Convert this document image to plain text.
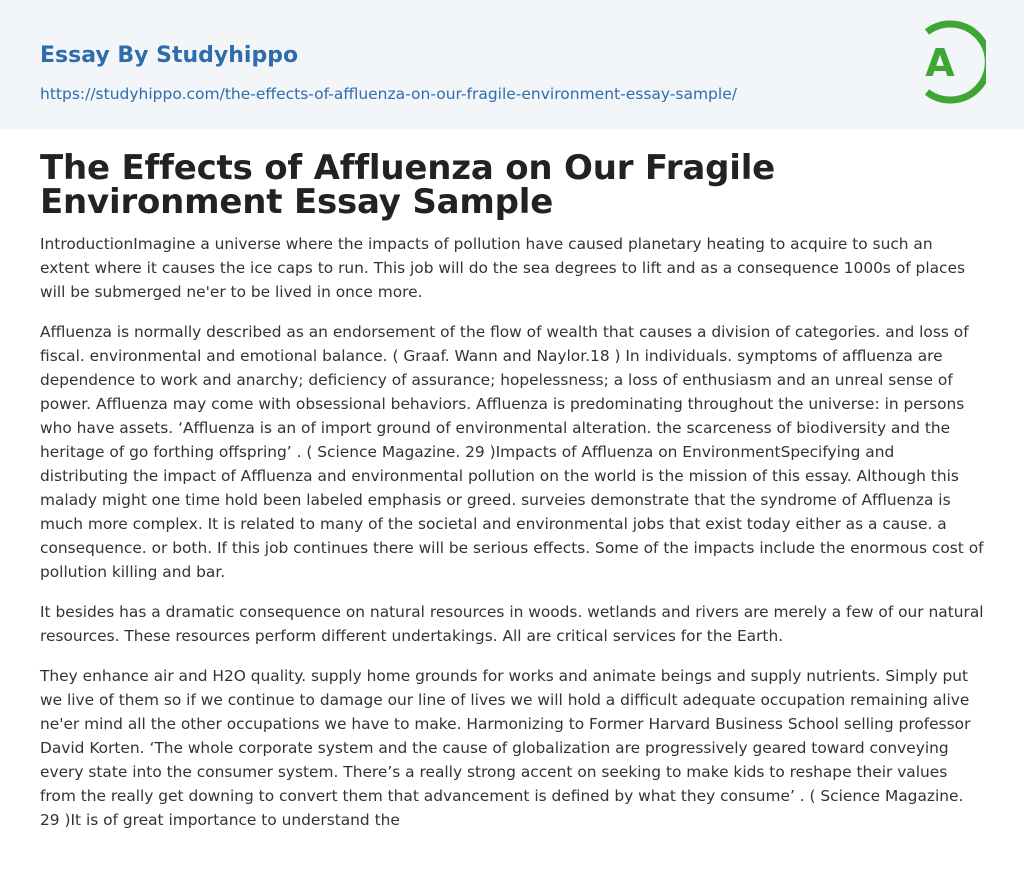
Essay By Studyhippo
https://studyhippo.com/the-effects-of-affluenza-on-our-fragile-environment-essay-sample/
A
The Effects of Affluenza on Our Fragile Environment Essay Sample

IntroductionImagine a universe where the impacts of pollution have caused planetary heating to acquire to such an extent where it causes the ice caps to run. This job will do the sea degrees to lift and as a consequence 1000s of places will be submerged ne'er to be lived in once more.

Affluenza is normally described as an endorsement of the flow of wealth that causes a division of categories. and loss of fiscal. environmental and emotional balance. ( Graaf. Wann and Naylor.18 ) In individuals. symptoms of affluenza are dependence to work and anarchy; deficiency of assurance; hopelessness; a loss of enthusiasm and an unreal sense of power. Affluenza may come with obsessional behaviors. Affluenza is predominating throughout the universe: in persons who have assets. ‘Affluenza is an of import ground of environmental alteration. the scarceness of biodiversity and the heritage of go forthing offspring’ . ( Science Magazine. 29 )Impacts of Affluenza on EnvironmentSpecifying and distributing the impact of Affluenza and environmental pollution on the world is the mission of this essay. Although this malady might one time hold been labeled emphasis or greed. surveies demonstrate that the syndrome of Affluenza is much more complex. It is related to many of the societal and environmental jobs that exist today either as a cause. a consequence. or both. If this job continues there will be serious effects. Some of the impacts include the enormous cost of pollution killing and bar.

It besides has a dramatic consequence on natural resources in woods. wetlands and rivers are merely a few of our natural resources. These resources perform different undertakings. All are critical services for the Earth.

They enhance air and H2O quality. supply home grounds for works and animate beings and supply nutrients. Simply put we live of them so if we continue to damage our line of lives we will hold a difficult adequate occupation remaining alive ne'er mind all the other occupations we have to make. Harmonizing to Former Harvard Business School selling professor David Korten. ‘The whole corporate system and the cause of globalization are progressively geared toward conveying every state into the consumer system. There’s a really strong accent on seeking to make kids to reshape their values from the really get downing to convert them that advancement is defined by what they consume’ . ( Science Magazine. 29 )It is of great importance to understand the
